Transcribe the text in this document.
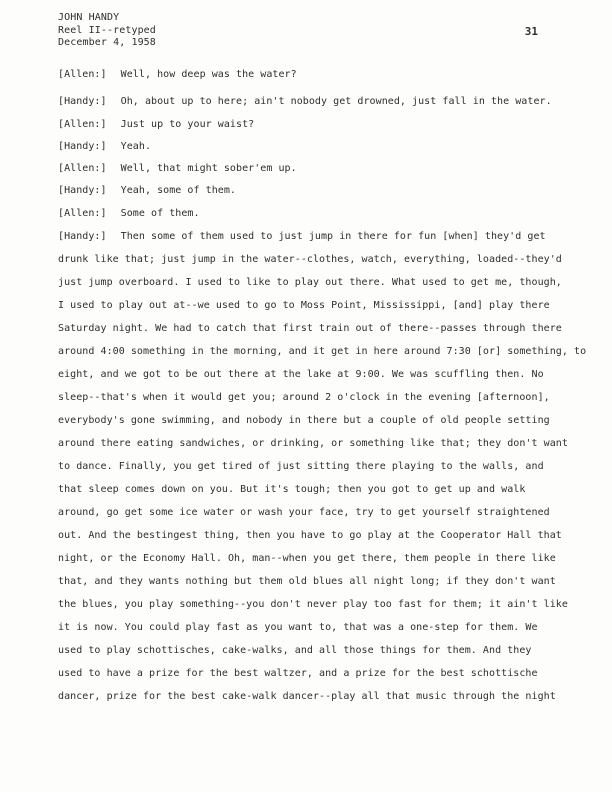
JOHN HANDY
Reel II--retyped
December 4, 1958
31
[Allen:] Well, how deep was the water?
[Handy:] Oh, about up to here; ain't nobody get drowned, just fall in the water.
[Allen:] Just up to your waist?
[Handy:] Yeah.
[Allen:] Well, that might sober'em up.
[Handy:] Yeah, some of them.
[Allen:] Some of them.
[Handy:] Then some of them used to just jump in there for fun [when] they'd get
drunk like that; just jump in the water--clothes, watch, everything, loaded--they'd
just jump overboard. I used to like to play out there. What used to get me, though,
I used to play out at--we used to go to Moss Point, Mississippi, [and] play there
Saturday night. We had to catch that first train out of there--passes through there
around 4:00 something in the morning, and it get in here around 7:30 [or] something, to
eight, and we got to be out there at the lake at 9:00. We was scuffling then. No
sleep--that's when it would get you; around 2 o'clock in the evening [afternoon],
everybody's gone swimming, and nobody in there but a couple of old people setting
around there eating sandwiches, or drinking, or something like that; they don't want
to dance. Finally, you get tired of just sitting there playing to the walls, and
that sleep comes down on you. But it's tough; then you got to get up and walk
around, go get some ice water or wash your face, try to get yourself straightened
out. And the bestingest thing, then you have to go play at the Cooperator Hall that
night, or the Economy Hall. Oh, man--when you get there, them people in there like
that, and they wants nothing but them old blues all night long; if they don't want
the blues, you play something--you don't never play too fast for them; it ain't like
it is now. You could play fast as you want to, that was a one-step for them. We
used to play schottisches, cake-walks, and all those things for them. And they
used to have a prize for the best waltzer, and a prize for the best schottische
dancer, prize for the best cake-walk dancer--play all that music through the night
